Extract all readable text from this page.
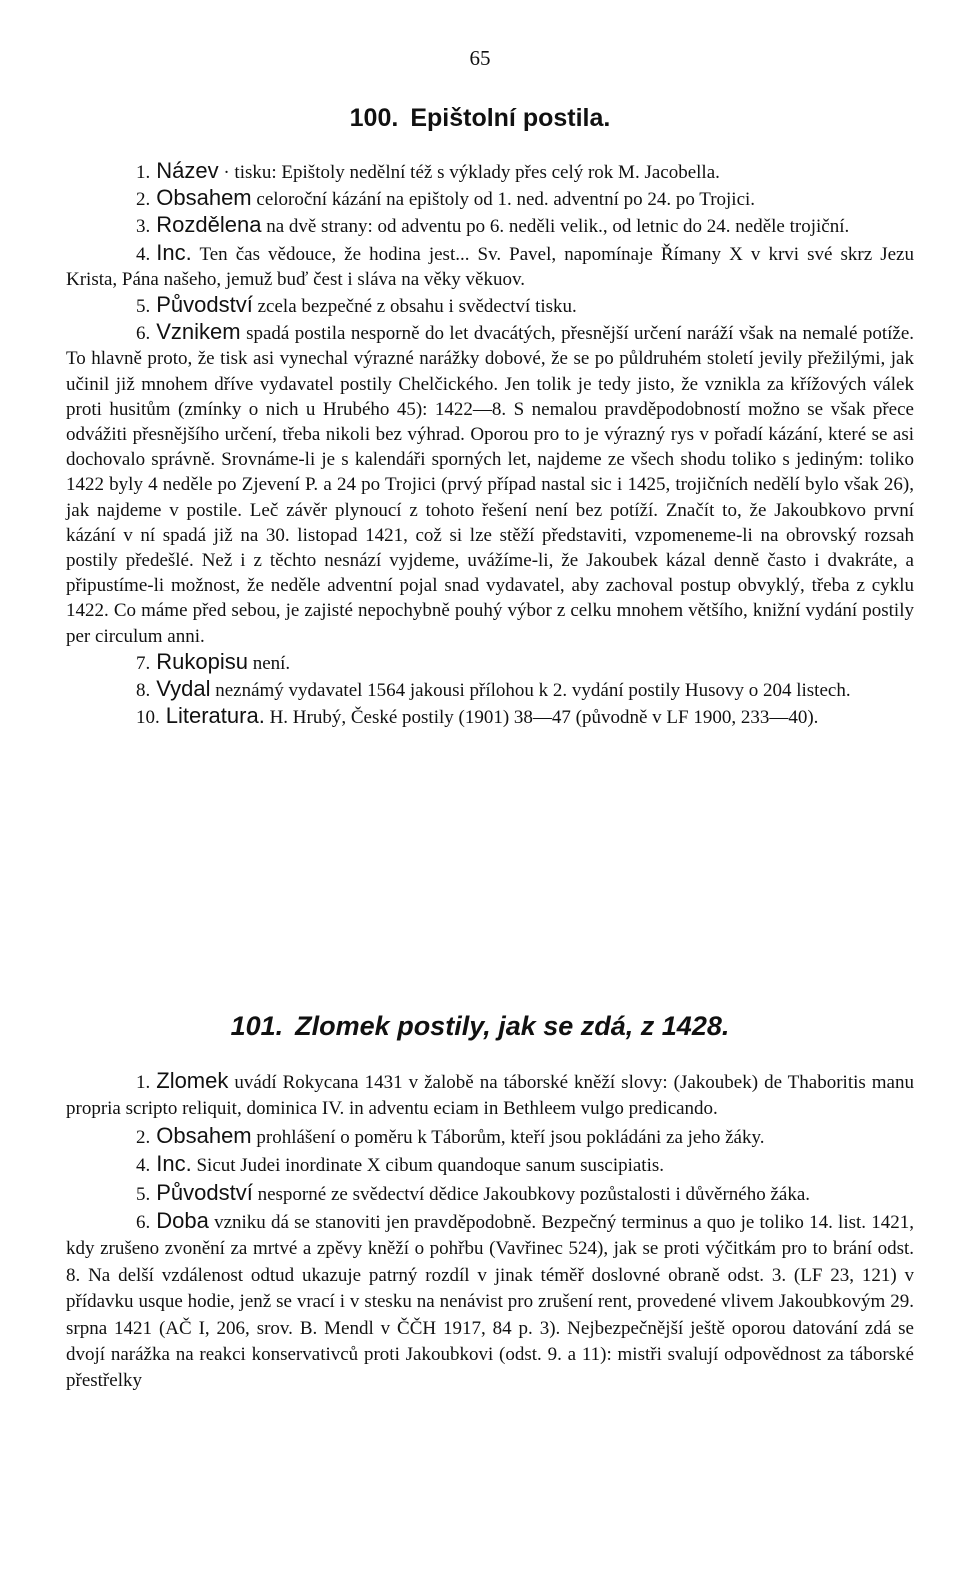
65
100. Epištolní postila.

1. Název · tisku: Epištoly nedělní též s výklady přes celý rok M. Jacobella.

2. Obsahem celoroční kázání na epištoly od 1. ned. adventní po 24. po Trojici.

3. Rozdělena na dvě strany: od adventu po 6. neděli velik., od letnic do 24. neděle trojiční.

4. Inc. Ten čas vědouce, že hodina jest... Sv. Pavel, napomínaje Římany X v krvi své skrz Jezu Krista, Pána našeho, jemuž buď čest i sláva na věky věkuov.

5. Původství zcela bezpečné z obsahu i svědectví tisku.

6. Vznikem spadá postila nesporně do let dvacátých, přesnější určení naráží však na nemalé potíže. To hlavně proto, že tisk asi vynechal výrazné narážky dobové, že se po půldruhém století jevily přežilými, jak učinil již mnohem dříve vydavatel postily Chelčického. Jen tolik je tedy jisto, že vznikla za křížových válek proti husitům (zmínky o nich u Hrubého 45): 1422—8. S nemalou pravděpodobností možno se však přece odvážiti přesnějšího určení, třeba nikoli bez výhrad. Oporou pro to je výrazný rys v pořadí kázání, které se asi dochovalo správně. Srovnáme-li je s kalendáři sporných let, najdeme ze všech shodu toliko s jediným: toliko 1422 byly 4 neděle po Zjevení P. a 24 po Trojici (prvý případ nastal sic i 1425, trojičních nedělí bylo však 26), jak najdeme v postile. Leč závěr plynoucí z tohoto řešení není bez potíží. Značít to, že Jakoubkovo první kázání v ní spadá již na 30. listopad 1421, což si lze stěží představiti, vzpomeneme-li na obrovský rozsah postily předešlé. Než i z těchto nesnází vyjdeme, uvážíme-li, že Jakoubek kázal denně často i dvakráte, a připustíme-li možnost, že neděle adventní pojal snad vydavatel, aby zachoval postup obvyklý, třeba z cyklu 1422. Co máme před sebou, je zajisté nepochybně pouhý výbor z celku mnohem většího, knižní vydání postily per circulum anni.

7. Rukopisu není.

8. Vydal neznámý vydavatel 1564 jakousi přílohou k 2. vydání postily Husovy o 204 listech.

10. Literatura. H. Hrubý, České postily (1901) 38—47 (původně v LF 1900, 233—40).

101. Zlomek postily, jak se zdá, z 1428.

1. Zlomek uvádí Rokycana 1431 v žalobě na táborské kněží slovy: (Jakoubek) de Thaboritis manu propria scripto reliquit, dominica IV. in adventu eciam in Bethleem vulgo predicando.

2. Obsahem prohlášení o poměru k Táborům, kteří jsou pokládáni za jeho žáky.

4. Inc. Sicut Judei inordinate X cibum quandoque sanum suscipiatis.

5. Původství nesporné ze svědectví dědice Jakoubkovy pozůstalosti i důvěrného žáka.

6. Doba vzniku dá se stanoviti jen pravděpodobně. Bezpečný terminus a quo je toliko 14. list. 1421, kdy zrušeno zvonění za mrtvé a zpěvy kněží o pohřbu (Vavřinec 524), jak se proti výčitkám pro to brání odst. 8. Na delší vzdálenost odtud ukazuje patrný rozdíl v jinak téměř doslovné obraně odst. 3. (LF 23, 121) v přídavku usque hodie, jenž se vrací i v stesku na nenávist pro zrušení rent, provedené vlivem Jakoubkovým 29. srpna 1421 (AČ I, 206, srov. B. Mendl v ČČH 1917, 84 p. 3). Nejbezpečnější ještě oporou datování zdá se dvojí narážka na reakci konservativců proti Jakoubkovi (odst. 9. a 11): mistři svalují odpovědnost za táborské přestřelky
